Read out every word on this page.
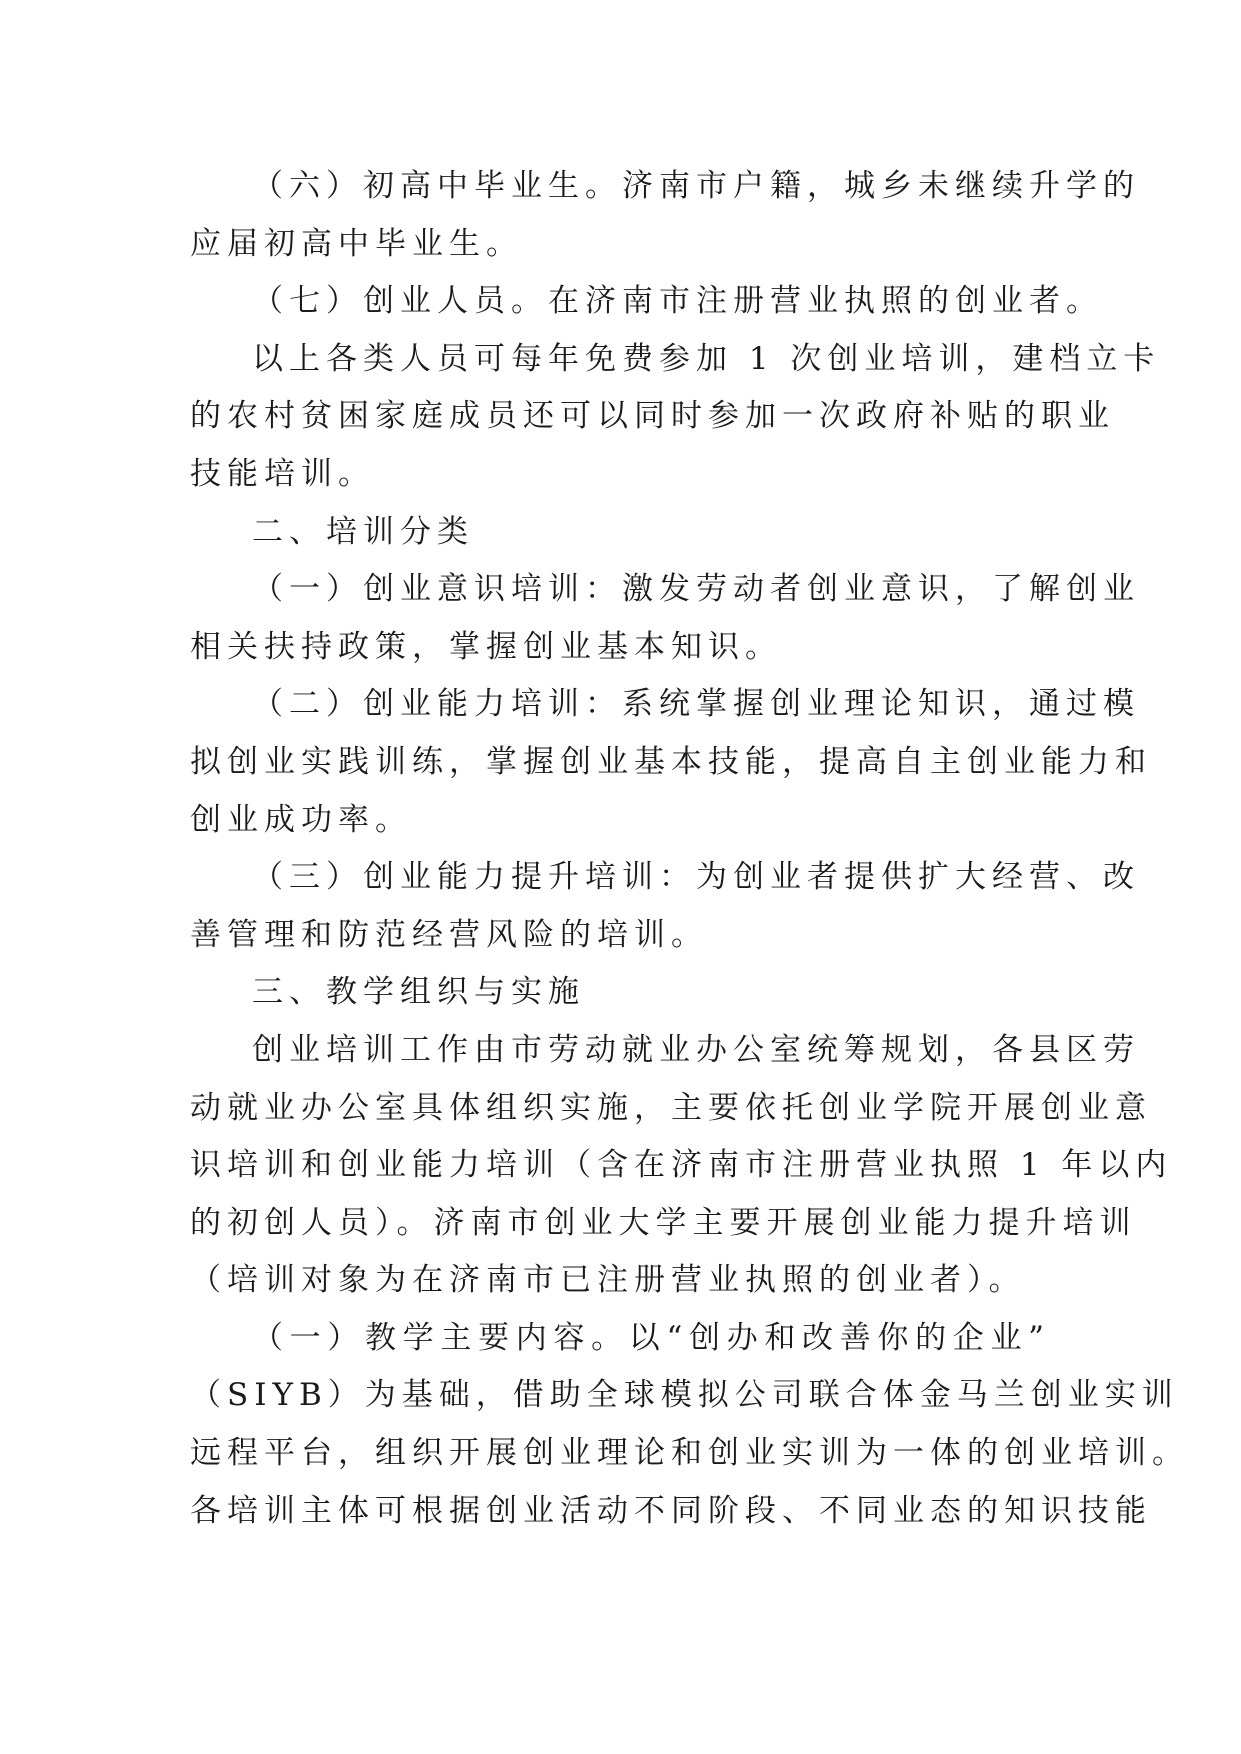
（六）初高中毕业生。济南市户籍，城乡未继续升学的
应届初高中毕业生。
（七）创业人员。在济南市注册营业执照的创业者。
以上各类人员可每年免费参加 1 次创业培训，建档立卡
的农村贫困家庭成员还可以同时参加一次政府补贴的职业
技能培训。
二、培训分类
（一）创业意识培训：激发劳动者创业意识，了解创业
相关扶持政策，掌握创业基本知识。
（二）创业能力培训：系统掌握创业理论知识，通过模
拟创业实践训练，掌握创业基本技能，提高自主创业能力和
创业成功率。
（三）创业能力提升培训：为创业者提供扩大经营、改
善管理和防范经营风险的培训。
三、教学组织与实施
创业培训工作由市劳动就业办公室统筹规划，各县区劳
动就业办公室具体组织实施，主要依托创业学院开展创业意
识培训和创业能力培训（含在济南市注册营业执照 1 年以内
的初创人员）。济南市创业大学主要开展创业能力提升培训
（培训对象为在济南市已注册营业执照的创业者）。
（一）教学主要内容。以“创办和改善你的企业”
（SIYB）为基础，借助全球模拟公司联合体金马兰创业实训
远程平台，组织开展创业理论和创业实训为一体的创业培训。
各培训主体可根据创业活动不同阶段、不同业态的知识技能
